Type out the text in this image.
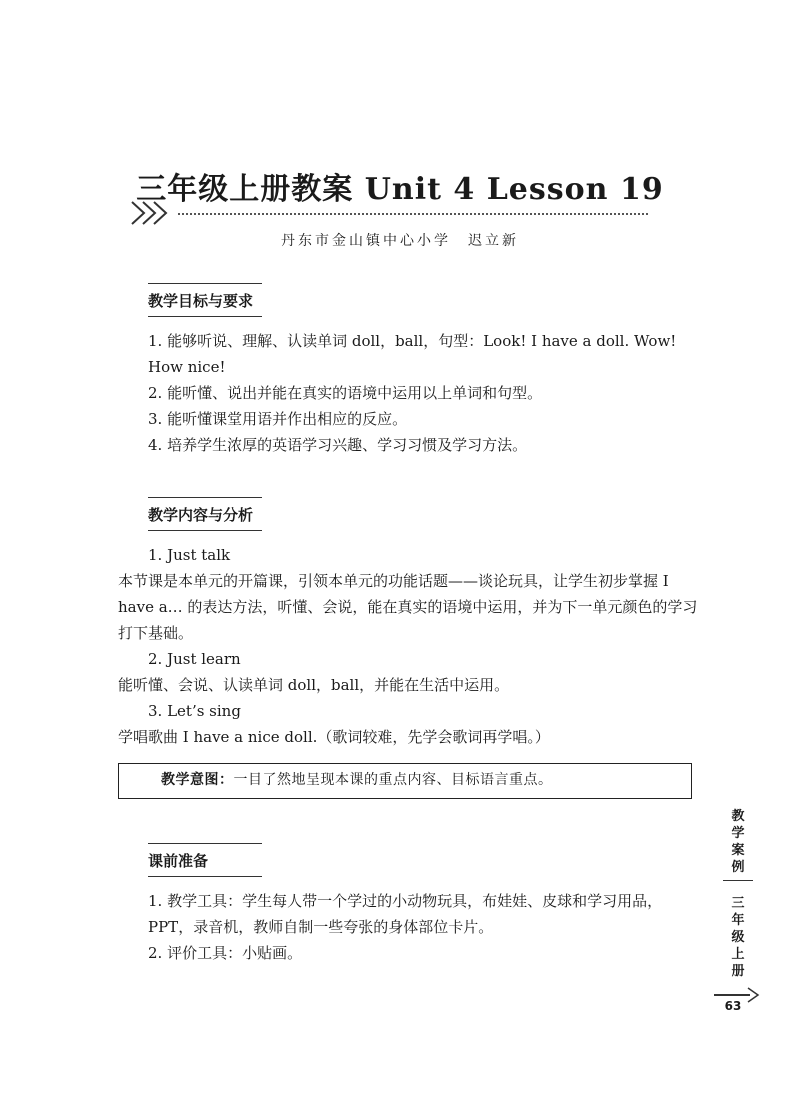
三年级上册教案 Unit 4 Lesson 19
丹东市金山镇中心小学　迟立新
教学目标与要求
1. 能够听说、理解、认读单词 doll，ball，句型：Look! I have a doll. Wow! How nice!
2. 能听懂、说出并能在真实的语境中运用以上单词和句型。
3. 能听懂课堂用语并作出相应的反应。
4. 培养学生浓厚的英语学习兴趣、学习习惯及学习方法。
教学内容与分析
1. Just talk
本节课是本单元的开篇课，引领本单元的功能话题——谈论玩具，让学生初步掌握 I have a… 的表达方法，听懂、会说，能在真实的语境中运用，并为下一单元颜色的学习打下基础。
2. Just learn
能听懂、会说、认读单词 doll，ball，并能在生活中运用。
3. Let’s sing
学唱歌曲 I have a nice doll.（歌词较难，先学会歌词再学唱。）
教学意图：一目了然地呈现本课的重点内容、目标语言重点。
课前准备
1. 教学工具：学生每人带一个学过的小动物玩具，布娃娃、皮球和学习用品，PPT，录音机，教师自制一些夸张的身体部位卡片。
2. 评价工具：小贴画。
教
学
案
例
三
年
级
上
册
63
